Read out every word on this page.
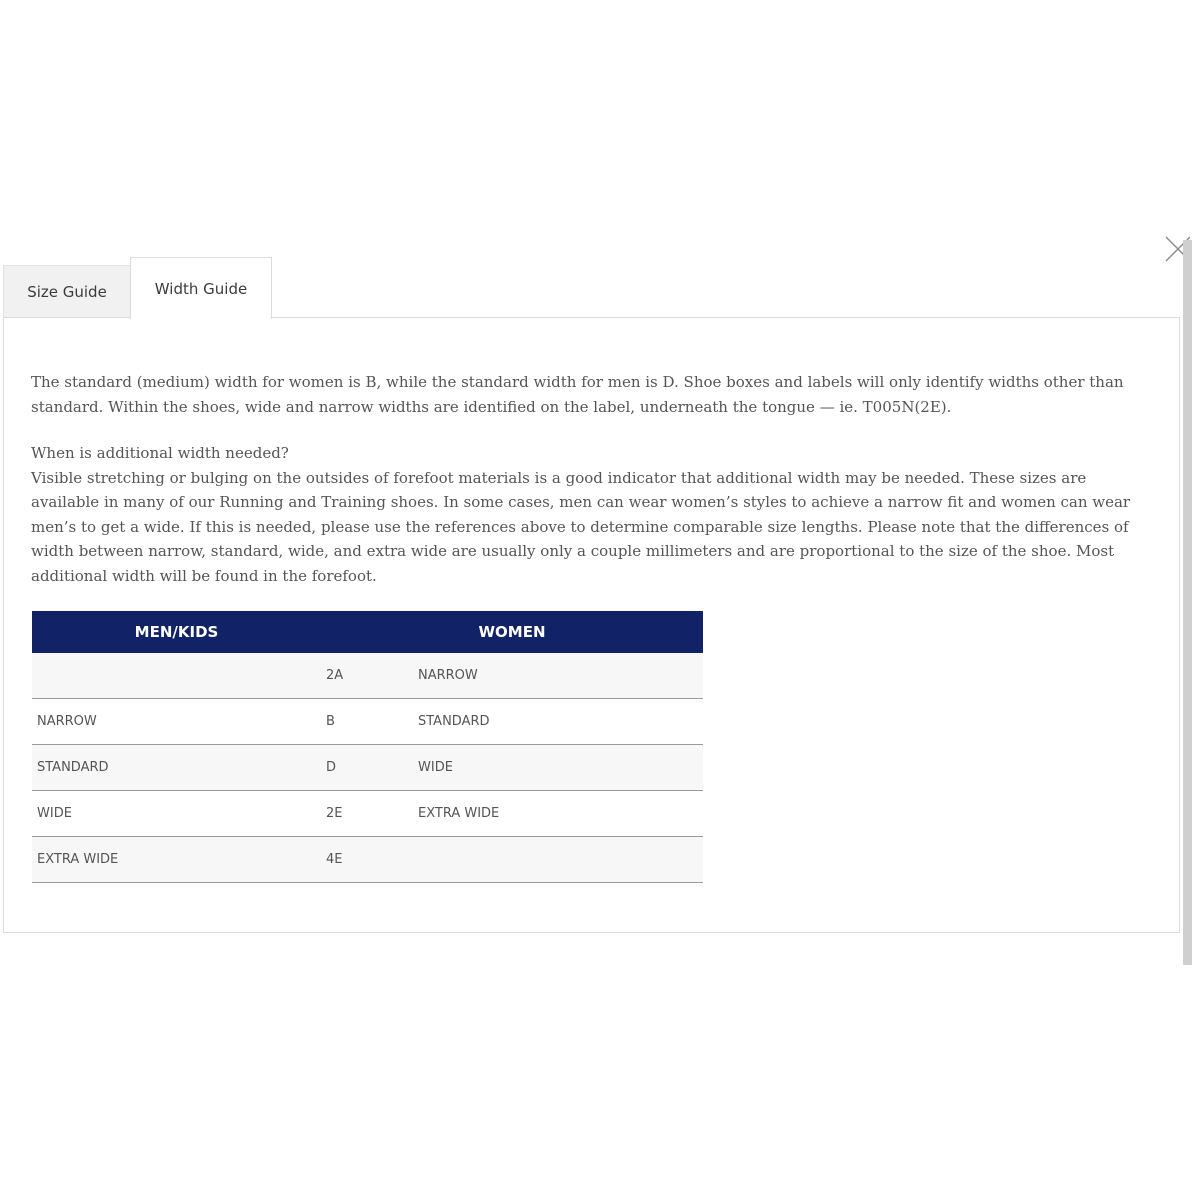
Size Guide	Width Guide

The standard (medium) width for women is B, while the standard width for men is D. Shoe boxes and labels will only identify widths other than standard. Within the shoes, wide and narrow widths are identified on the label, underneath the tongue — ie. T005N(2E).

When is additional width needed?
Visible stretching or bulging on the outsides of forefoot materials is a good indicator that additional width may be needed. These sizes are available in many of our Running and Training shoes. In some cases, men can wear women’s styles to achieve a narrow fit and women can wear men’s to get a wide. If this is needed, please use the references above to determine comparable size lengths. Please note that the differences of width between narrow, standard, wide, and extra wide are usually only a couple millimeters and are proportional to the size of the shoe. Most additional width will be found in the forefoot.
MEN/KIDS	WOMEN	
	2A	NARROW
NARROW	B	STANDARD
STANDARD	D	WIDE
WIDE	2E	EXTRA WIDE
EXTRA WIDE	4E	
